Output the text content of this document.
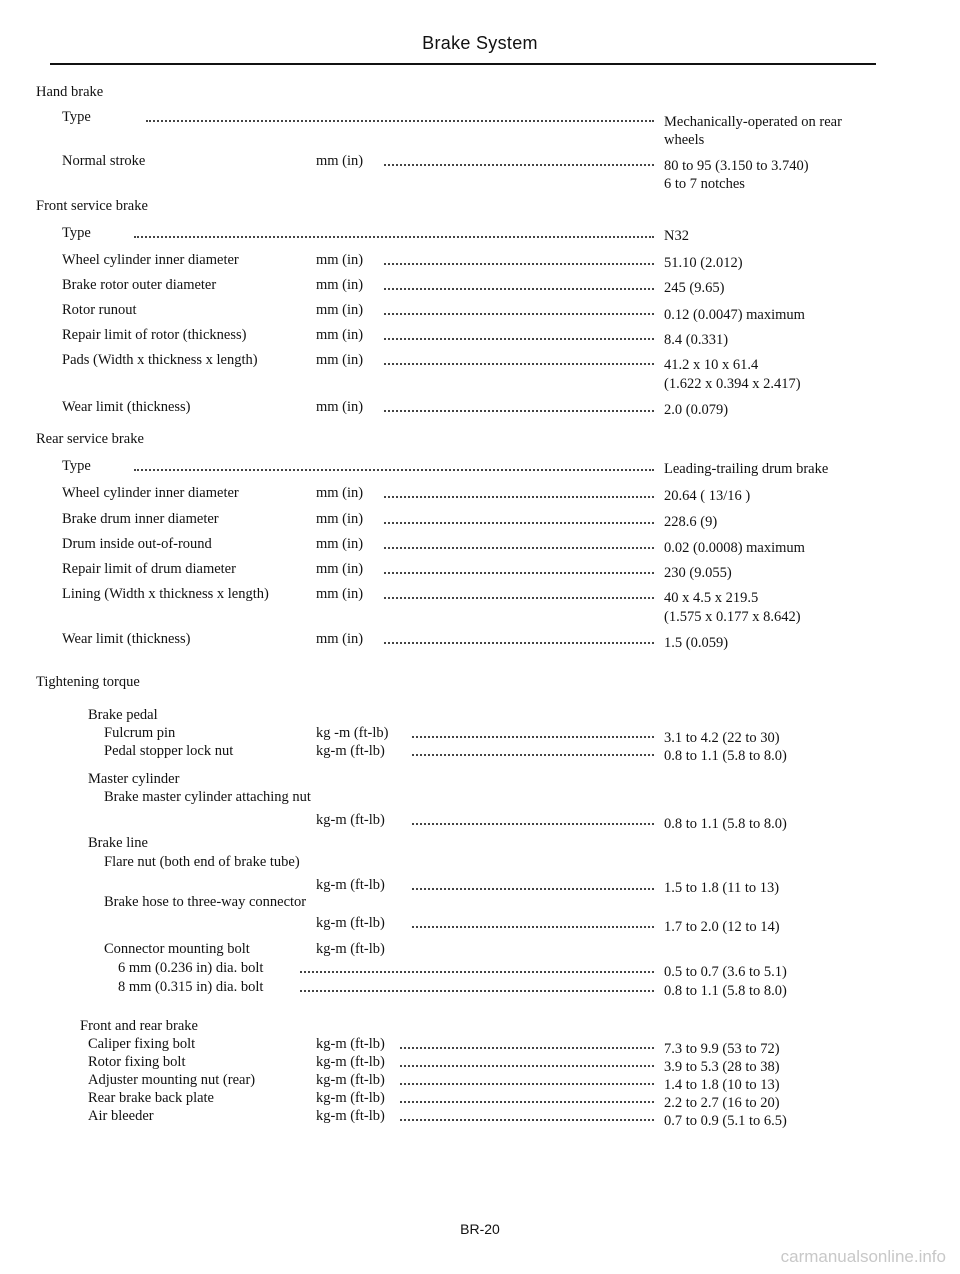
Brake System
Hand brake
Type	Mechanically-operated on rear
wheels
Normal stroke	mm (in)	80 to 95 (3.150 to 3.740)
6 to 7 notches
Front service brake
Type	N32
Wheel cylinder inner diameter	mm (in)	51.10 (2.012)
Brake rotor outer diameter	mm (in)	245 (9.65)
Rotor runout	mm (in)	0.12 (0.0047) maximum
Repair limit of rotor (thickness)	mm (in)	8.4 (0.331)
Pads (Width x thickness x length)	mm (in)	41.2 x 10 x 61.4
(1.622 x 0.394 x 2.417)
Wear limit (thickness)	mm (in)	2.0 (0.079)
Rear service brake
Type	Leading-trailing drum brake
Wheel cylinder inner diameter	mm (in)	20.64 ( 13/16 )
Brake drum inner diameter	mm (in)	228.6 (9)
Drum inside out-of-round	mm (in)	0.02 (0.0008) maximum
Repair limit of drum diameter	mm (in)	230 (9.055)
Lining (Width x thickness x length)	mm (in)	40 x 4.5 x 219.5
(1.575 x 0.177 x 8.642)
Wear limit (thickness)	mm (in)	1.5 (0.059)
Tightening torque
Brake pedal
Fulcrum pin	kg -m (ft-lb)	3.1 to 4.2 (22 to 30)
Pedal stopper lock nut	kg-m (ft-lb)	0.8 to 1.1 (5.8 to 8.0)
Master cylinder
Brake master cylinder attaching nut
kg-m (ft-lb)	0.8 to 1.1 (5.8 to 8.0)
Brake line
Flare nut (both end of brake tube)
kg-m (ft-lb)	1.5 to 1.8 (11 to 13)
Brake hose to three-way connector
kg-m (ft-lb)	1.7 to 2.0 (12 to 14)
Connector mounting bolt	kg-m (ft-lb)
6 mm (0.236 in) dia. bolt	0.5 to 0.7 (3.6 to 5.1)
8 mm (0.315 in) dia. bolt	0.8 to 1.1 (5.8 to 8.0)
Front and rear brake
Caliper fixing bolt	kg-m (ft-lb)	7.3 to 9.9 (53 to 72)
Rotor fixing bolt	kg-m (ft-lb)	3.9 to 5.3 (28 to 38)
Adjuster mounting nut (rear)	kg-m (ft-lb)	1.4 to 1.8 (10 to 13)
Rear brake back plate	kg-m (ft-lb)	2.2 to 2.7 (16 to 20)
Air bleeder	kg-m (ft-lb)	0.7 to 0.9 (5.1 to 6.5)
BR-20
carmanualsonline.info
